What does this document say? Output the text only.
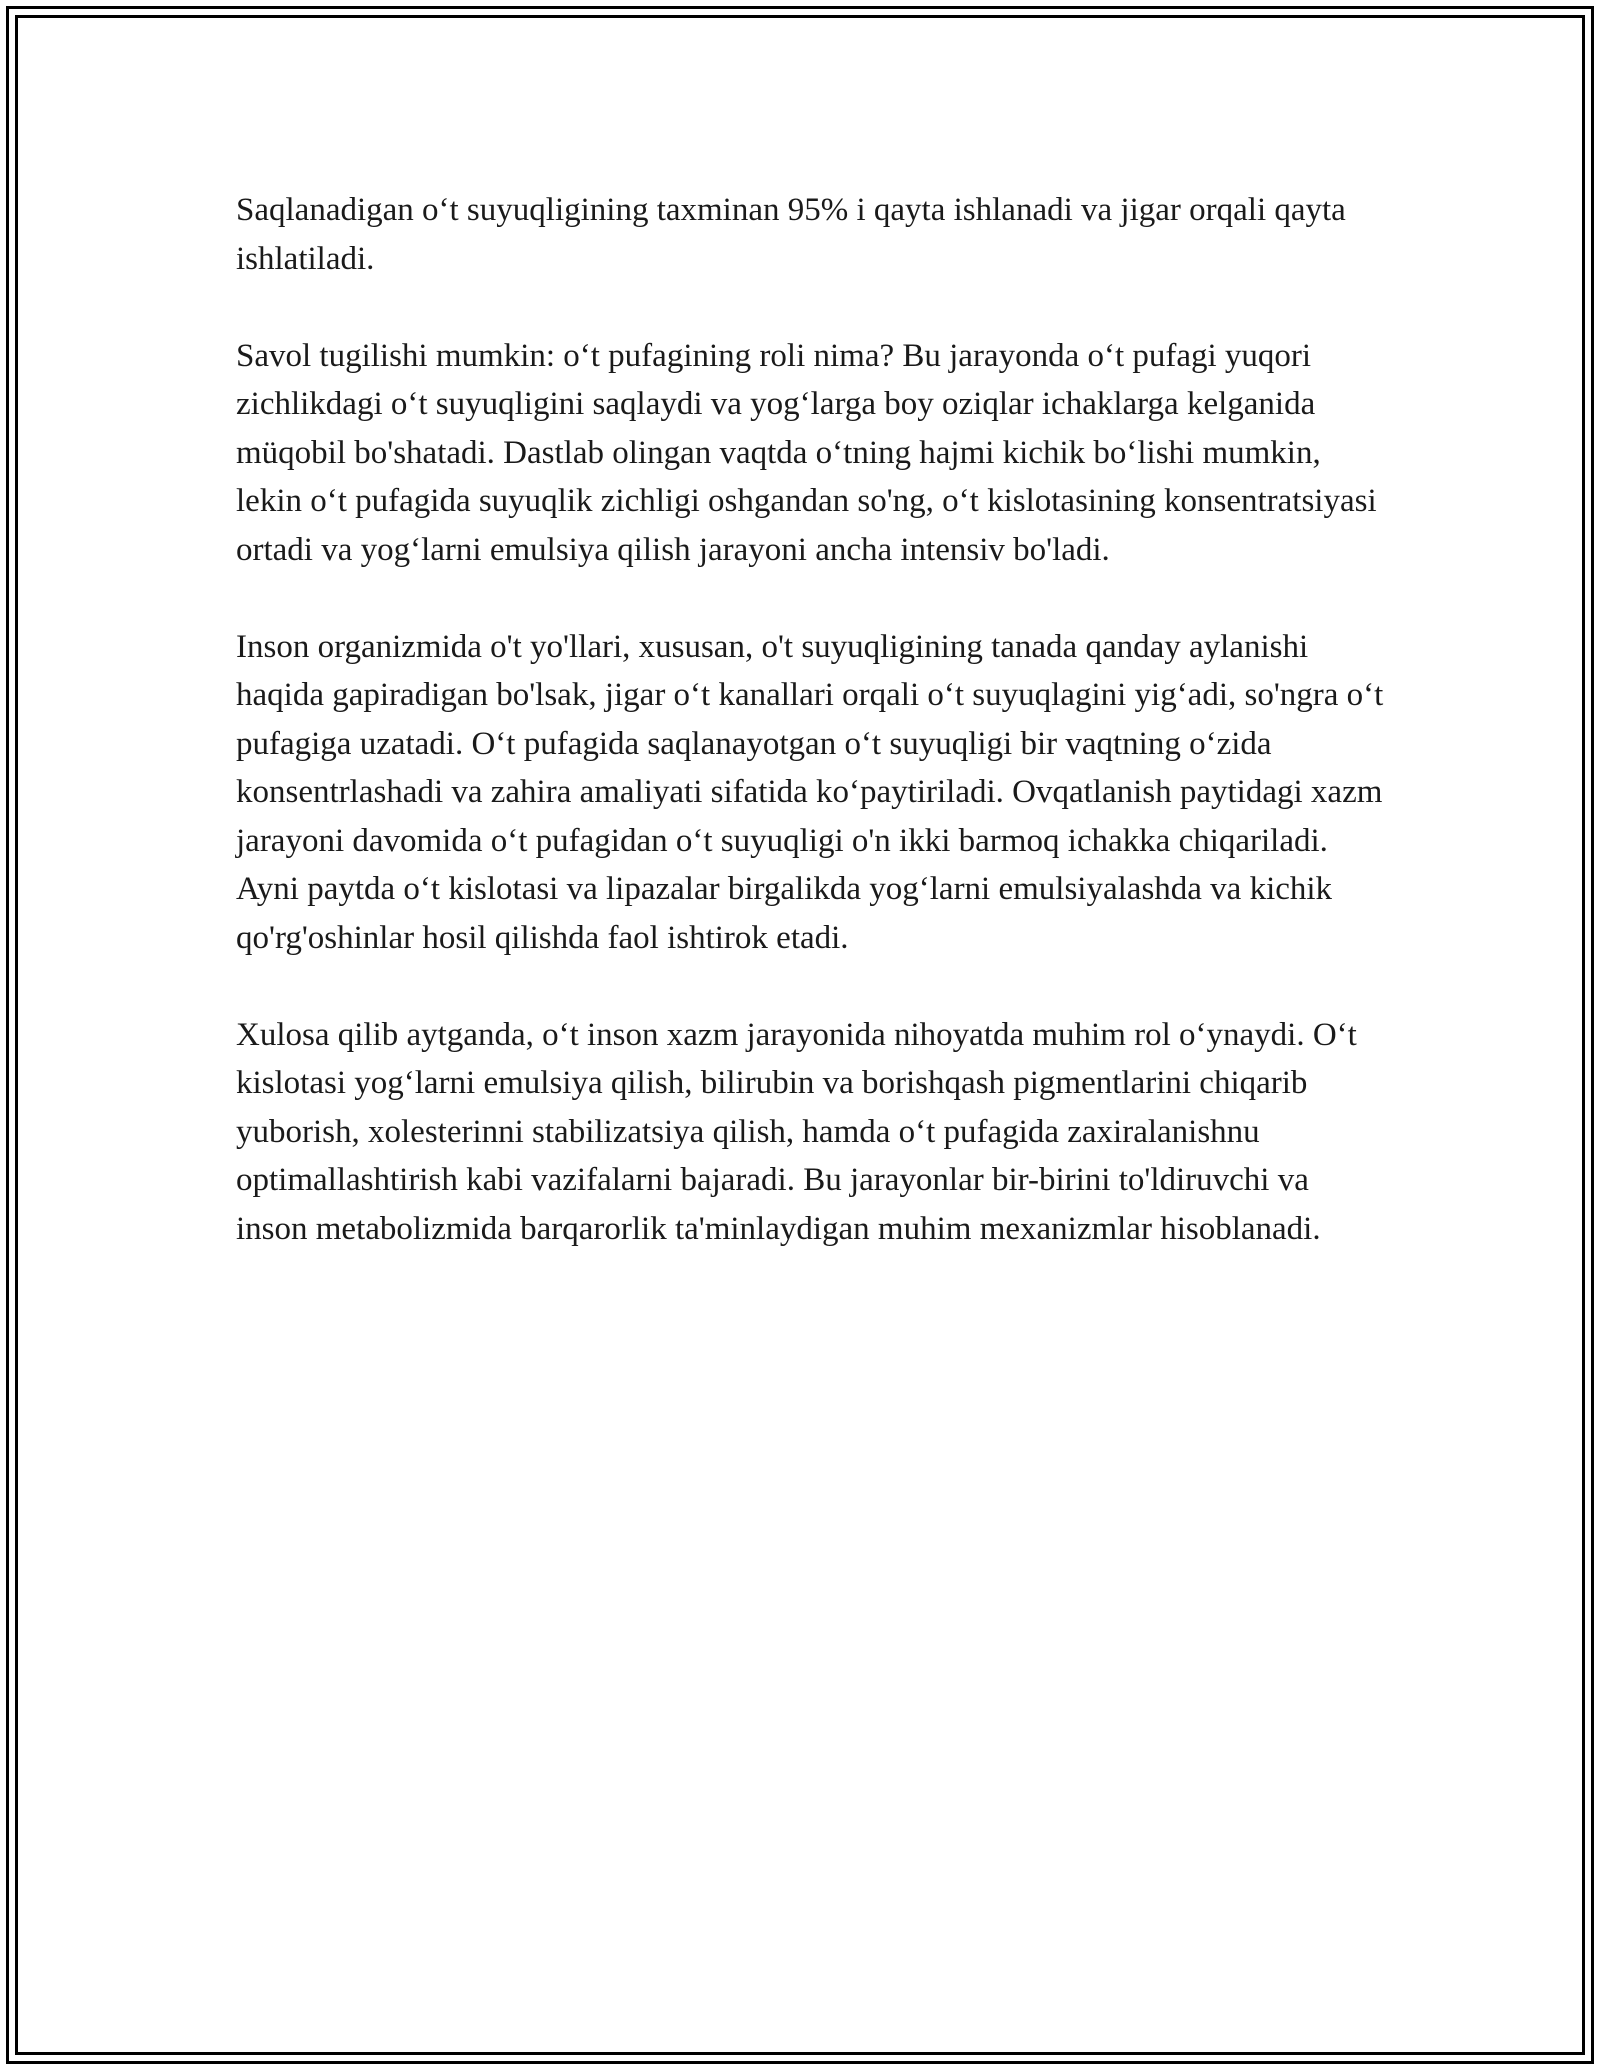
Saqlanadigan o‘t suyuqligining taxminan 95% i qayta ishlanadi va jigar orqali qayta ishlatiladi.

Savol tugilishi mumkin: o‘t pufagining roli nima? Bu jarayonda o‘t pufagi yuqori zichlikdagi o‘t suyuqligini saqlaydi va yog‘larga boy oziqlar ichaklarga kelganida müqobil bo'shatadi. Dastlab olingan vaqtda o‘tning hajmi kichik bo‘lishi mumkin, lekin o‘t pufagida suyuqlik zichligi oshgandan so'ng, o‘t kislotasining konsentratsiyasi ortadi va yog‘larni emulsiya qilish jarayoni ancha intensiv bo'ladi.

Inson organizmida o't yo'llari, xususan, o't suyuqligining tanada qanday aylanishi haqida gapiradigan bo'lsak, jigar o‘t kanallari orqali o‘t suyuqlagini yig‘adi, so'ngra o‘t pufagiga uzatadi. O‘t pufagida saqlanayotgan o‘t suyuqligi bir vaqtning o‘zida konsentrlashadi va zahira amaliyati sifatida ko‘paytiriladi. Ovqatlanish paytidagi xazm jarayoni davomida o‘t pufagidan o‘t suyuqligi o'n ikki barmoq ichakka chiqariladi. Ayni paytda o‘t kislotasi va lipazalar birgalikda yog‘larni emulsiyalashda va kichik qo'rg'oshinlar hosil qilishda faol ishtirok etadi.

Xulosa qilib aytganda, o‘t inson xazm jarayonida nihoyatda muhim rol o‘ynaydi. O‘t kislotasi yog‘larni emulsiya qilish, bilirubin va borishqash pigmentlarini chiqarib yuborish, xolesterinni stabilizatsiya qilish, hamda o‘t pufagida zaxiralanishnu optimallashtirish kabi vazifalarni bajaradi. Bu jarayonlar bir-birini to'ldiruvchi va inson metabolizmida barqarorlik ta'minlaydigan muhim mexanizmlar hisoblanadi.
